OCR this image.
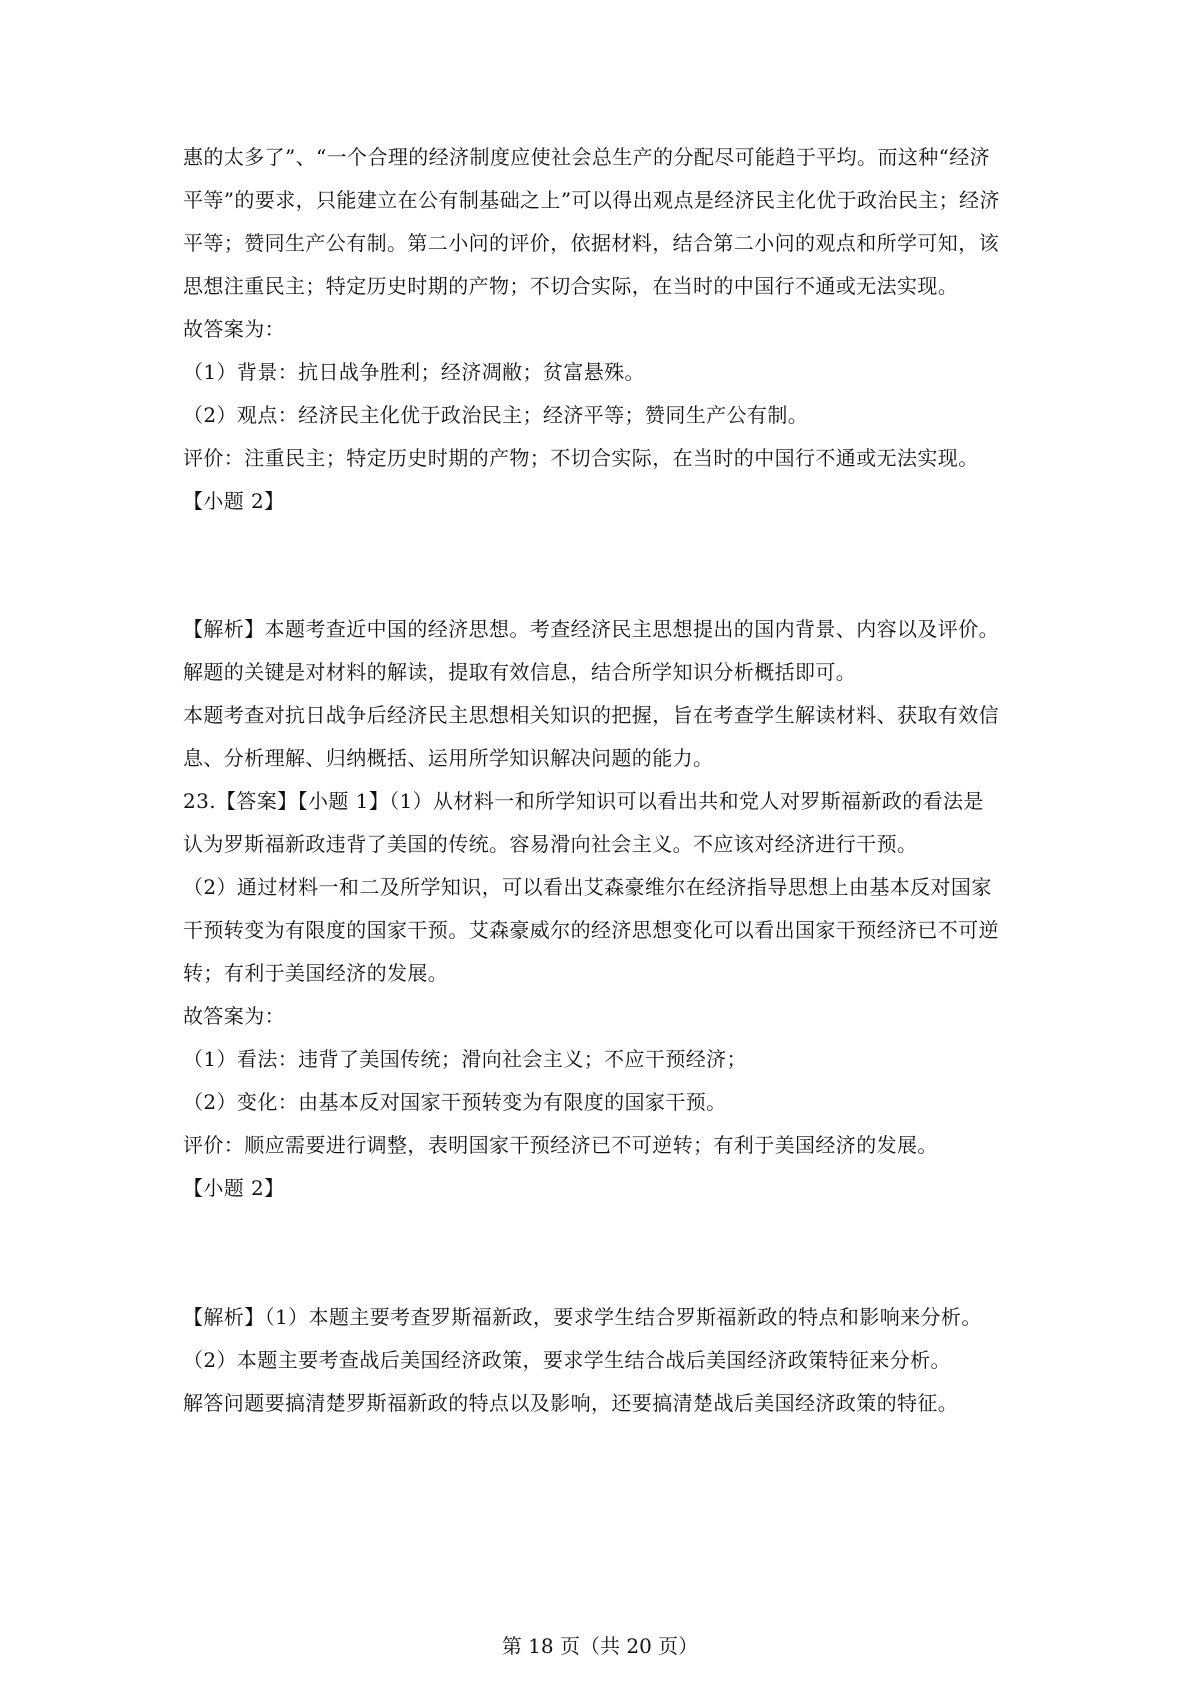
惠的太多了”、“一个合理的经济制度应使社会总生产的分配尽可能趋于平均。而这种“经济
平等”的要求，只能建立在公有制基础之上”可以得出观点是经济民主化优于政治民主；经济
平等；赞同生产公有制。第二小问的评价，依据材料，结合第二小问的观点和所学可知，该
思想注重民主；特定历史时期的产物；不切合实际，在当时的中国行不通或无法实现。
故答案为：
（1）背景：抗日战争胜利；经济凋敝；贫富悬殊。
（2）观点：经济民主化优于政治民主；经济平等；赞同生产公有制。
评价：注重民主；特定历史时期的产物；不切合实际，在当时的中国行不通或无法实现。
【小题 2】
【解析】本题考查近中国的经济思想。考查经济民主思想提出的国内背景、内容以及评价。
解题的关键是对材料的解读，提取有效信息，结合所学知识分析概括即可。
本题考查对抗日战争后经济民主思想相关知识的把握，旨在考查学生解读材料、获取有效信
息、分析理解、归纳概括、运用所学知识解决问题的能力。
23.【答案】【小题 1】（1）从材料一和所学知识可以看出共和党人对罗斯福新政的看法是
认为罗斯福新政违背了美国的传统。容易滑向社会主义。不应该对经济进行干预。
（2）通过材料一和二及所学知识，可以看出艾森豪维尔在经济指导思想上由基本反对国家
干预转变为有限度的国家干预。艾森豪威尔的经济思想变化可以看出国家干预经济已不可逆
转；有利于美国经济的发展。
故答案为：
（1）看法：违背了美国传统；滑向社会主义；不应干预经济；
（2）变化：由基本反对国家干预转变为有限度的国家干预。
评价：顺应需要进行调整，表明国家干预经济已不可逆转；有利于美国经济的发展。
【小题 2】
【解析】（1）本题主要考查罗斯福新政，要求学生结合罗斯福新政的特点和影响来分析。
（2）本题主要考查战后美国经济政策，要求学生结合战后美国经济政策特征来分析。
解答问题要搞清楚罗斯福新政的特点以及影响，还要搞清楚战后美国经济政策的特征。
第 18 页（共 20 页）
